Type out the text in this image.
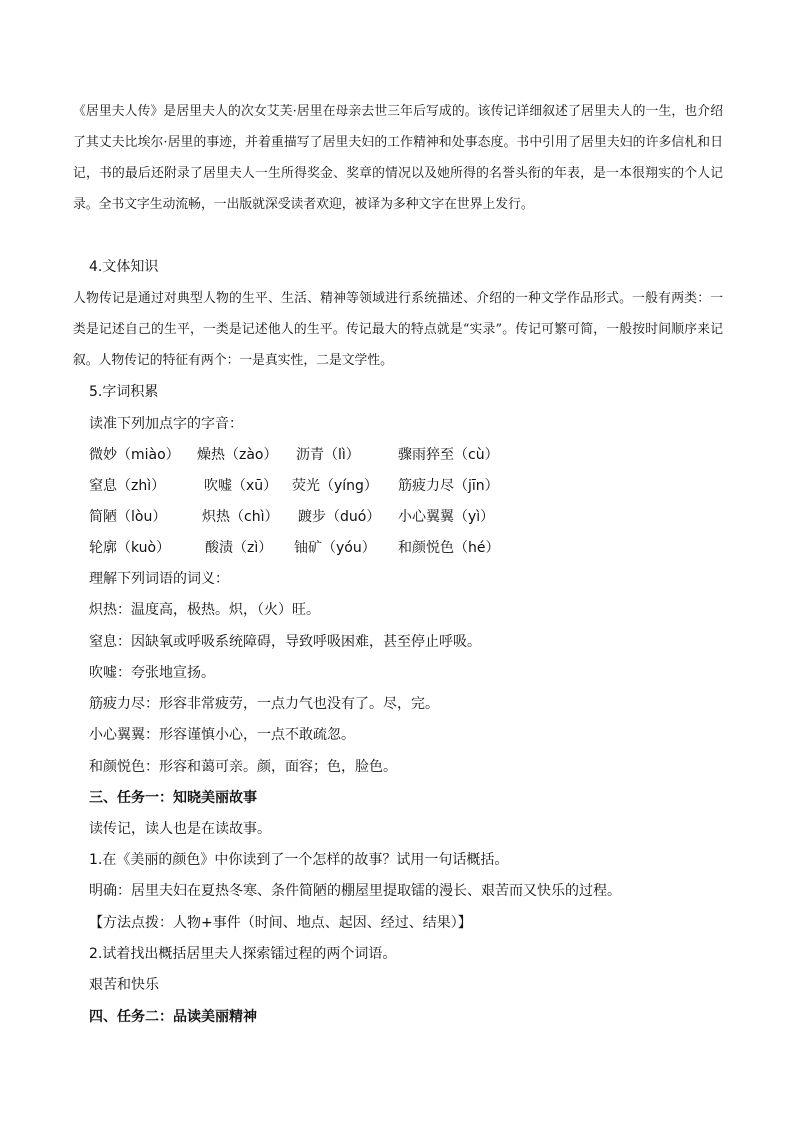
《居里夫人传》是居里夫人的次女艾芙·居里在母亲去世三年后写成的。该传记详细叙述了居里夫人的一生，也介绍了其丈夫比埃尔·居里的事迹，并着重描写了居里夫妇的工作精神和处事态度。书中引用了居里夫妇的许多信札和日记，书的最后还附录了居里夫人一生所得奖金、奖章的情况以及她所得的名誉头衔的年表，是一本很翔实的个人记录。全书文字生动流畅，一出版就深受读者欢迎，被译为多种文字在世界上发行。
4.文体知识
人物传记是通过对典型人物的生平、生活、精神等领域进行系统描述、介绍的一种文学作品形式。一般有两类：一类是记述自己的生平，一类是记述他人的生平。传记最大的特点就是“实录”。传记可繁可简，一般按时间顺序来记叙。人物传记的特征有两个：一是真实性，二是文学性。
5.字词积累
读准下列加点字的字音：
微妙（miào） 燥热（zào） 沥青（lì）	骤雨猝至（cù）
窒息（zhì）	吹嘘（xū） 荧光（yíng） 筋疲力尽（jīn）
简陋（lòu）	炽热（chì） 踱步（duó） 小心翼翼（yì）
轮廓（kuò） 酸渍（zì） 铀矿（yóu） 和颜悦色（hé）
理解下列词语的词义：
炽热：温度高，极热。炽，（火）旺。
窒息：因缺氧或呼吸系统障碍，导致呼吸困难，甚至停止呼吸。
吹嘘：夸张地宣扬。
筋疲力尽：形容非常疲劳，一点力气也没有了。尽，完。
小心翼翼：形容谨慎小心，一点不敢疏忽。
和颜悦色：形容和蔼可亲。颜，面容；色，脸色。
三、任务一：知晓美丽故事
读传记，读人也是在读故事。
1.在《美丽的颜色》中你读到了一个怎样的故事？试用一句话概括。
明确：居里夫妇在夏热冬寒、条件简陋的棚屋里提取镭的漫长、艰苦而又快乐的过程。
【方法点拨：人物+事件（时间、地点、起因、经过、结果）】
2.试着找出概括居里夫人探索镭过程的两个词语。
艰苦和快乐
四、任务二：品读美丽精神
